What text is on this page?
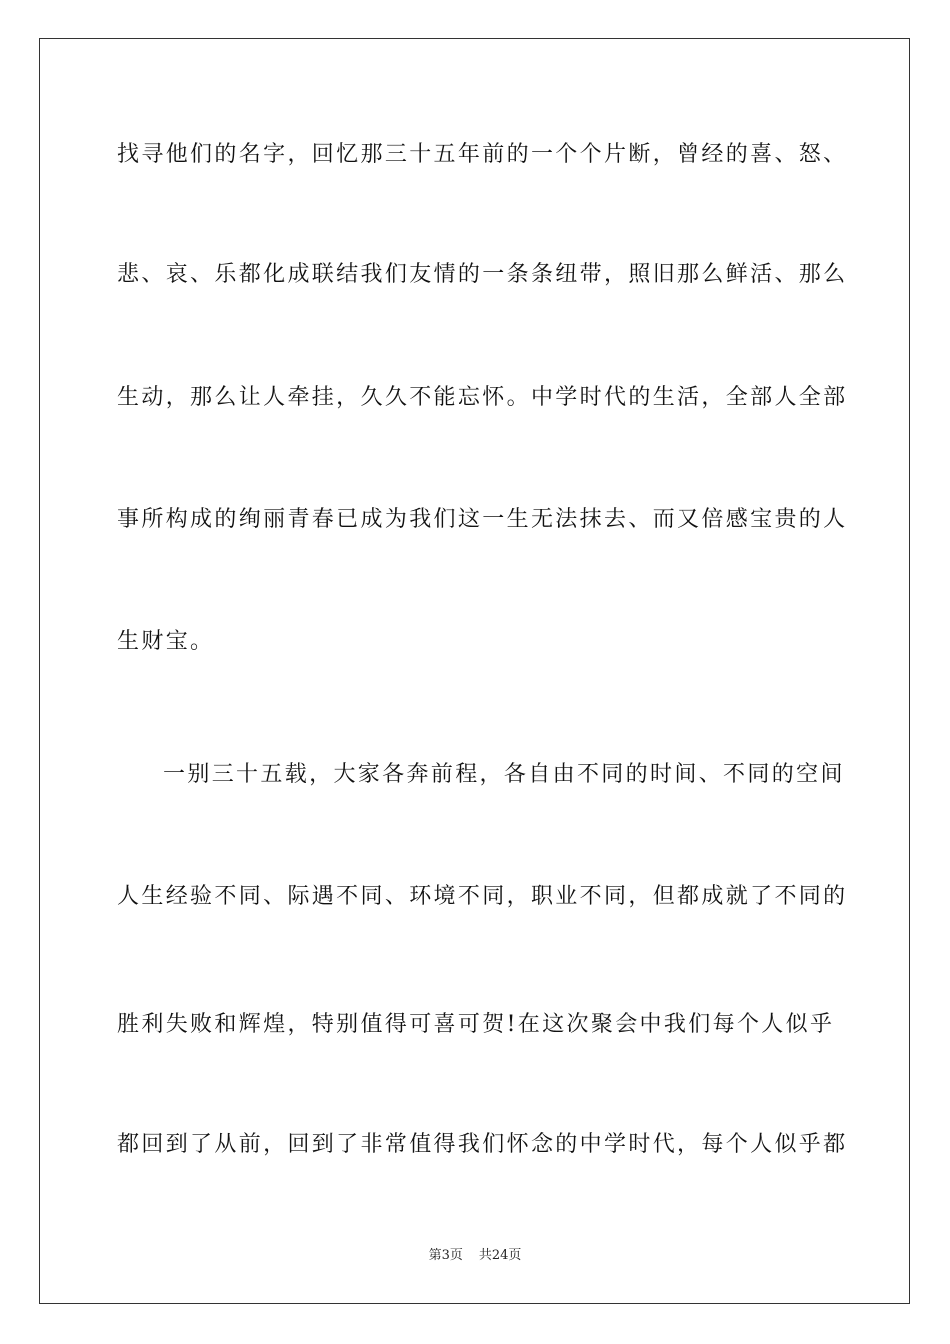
找寻他们的名字，回忆那三十五年前的一个个片断，曾经的喜、怒、
悲、哀、乐都化成联结我们友情的一条条纽带，照旧那么鲜活、那么
生动，那么让人牵挂，久久不能忘怀。中学时代的生活，全部人全部
事所构成的绚丽青春已成为我们这一生无法抹去、而又倍感宝贵的人
生财宝。
一别三十五载，大家各奔前程，各自由不同的时间、不同的空间
人生经验不同、际遇不同、环境不同，职业不同，但都成就了不同的
胜利失败和辉煌，特别值得可喜可贺!在这次聚会中我们每个人似乎
都回到了从前，回到了非常值得我们怀念的中学时代，每个人似乎都
第3页 共24页
